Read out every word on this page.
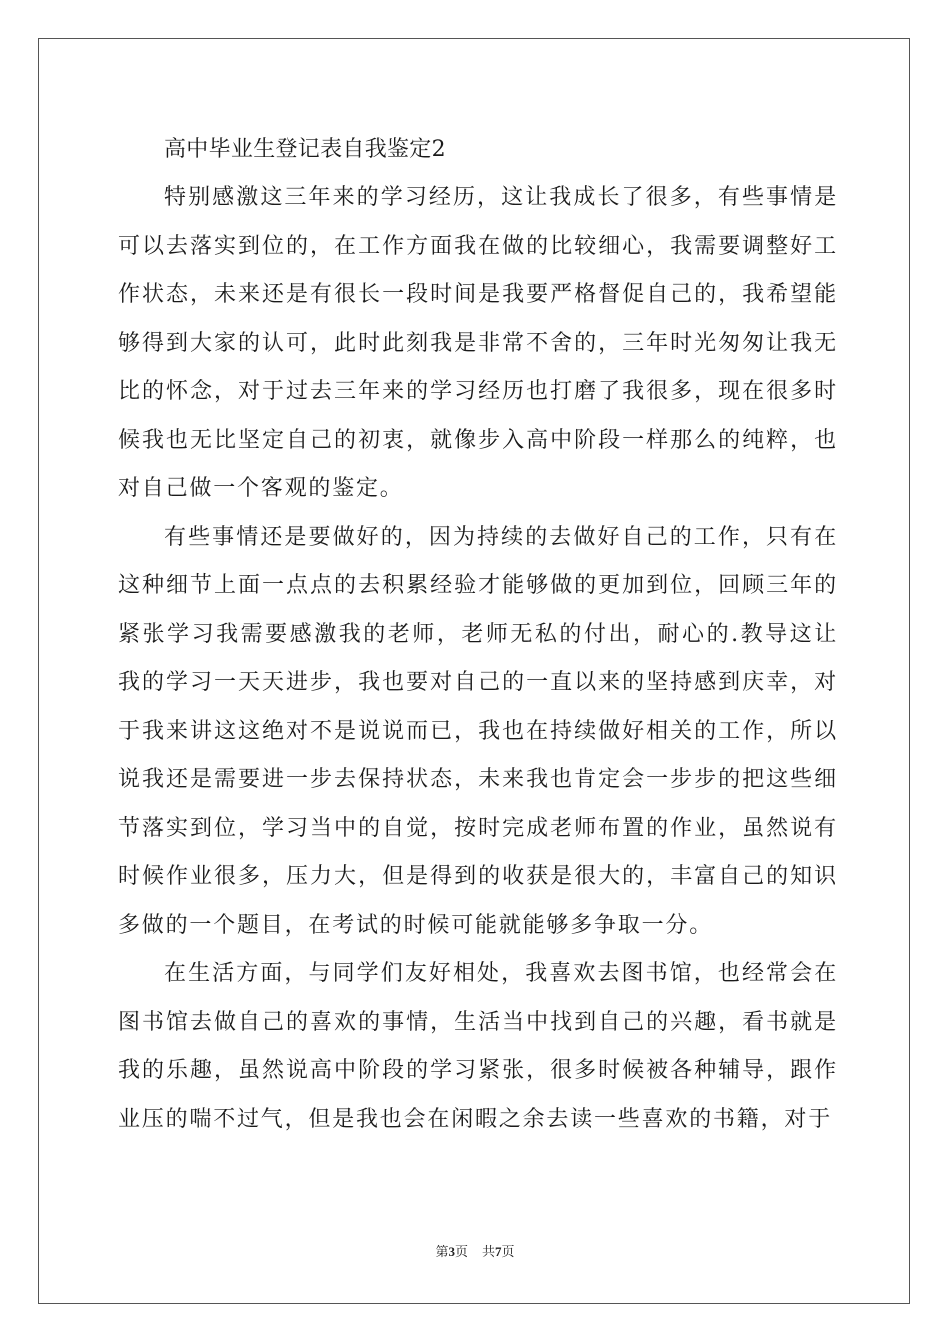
高中毕业生登记表自我鉴定2

特别感激这三年来的学习经历，这让我成长了很多，有些事情是可以去落实到位的，在工作方面我在做的比较细心，我需要调整好工作状态，未来还是有很长一段时间是我要严格督促自己的，我希望能够得到大家的认可，此时此刻我是非常不舍的，三年时光匆匆让我无比的怀念，对于过去三年来的学习经历也打磨了我很多，现在很多时候我也无比坚定自己的初衷，就像步入高中阶段一样那么的纯粹，也对自己做一个客观的鉴定。

有些事情还是要做好的，因为持续的去做好自己的工作，只有在这种细节上面一点点的去积累经验才能够做的更加到位，回顾三年的紧张学习我需要感激我的老师，老师无私的付出，耐心的.教导这让我的学习一天天进步，我也要对自己的一直以来的坚持感到庆幸，对于我来讲这这绝对不是说说而已，我也在持续做好相关的工作，所以说我还是需要进一步去保持状态，未来我也肯定会一步步的把这些细节落实到位，学习当中的自觉，按时完成老师布置的作业，虽然说有时候作业很多，压力大，但是得到的收获是很大的，丰富自己的知识多做的一个题目，在考试的时候可能就能够多争取一分。

在生活方面，与同学们友好相处，我喜欢去图书馆，也经常会在图书馆去做自己的喜欢的事情，生活当中找到自己的兴趣，看书就是我的乐趣，虽然说高中阶段的学习紧张，很多时候被各种辅导，跟作业压的喘不过气，但是我也会在闲暇之余去读一些喜欢的书籍，对于

第3页 共7页
